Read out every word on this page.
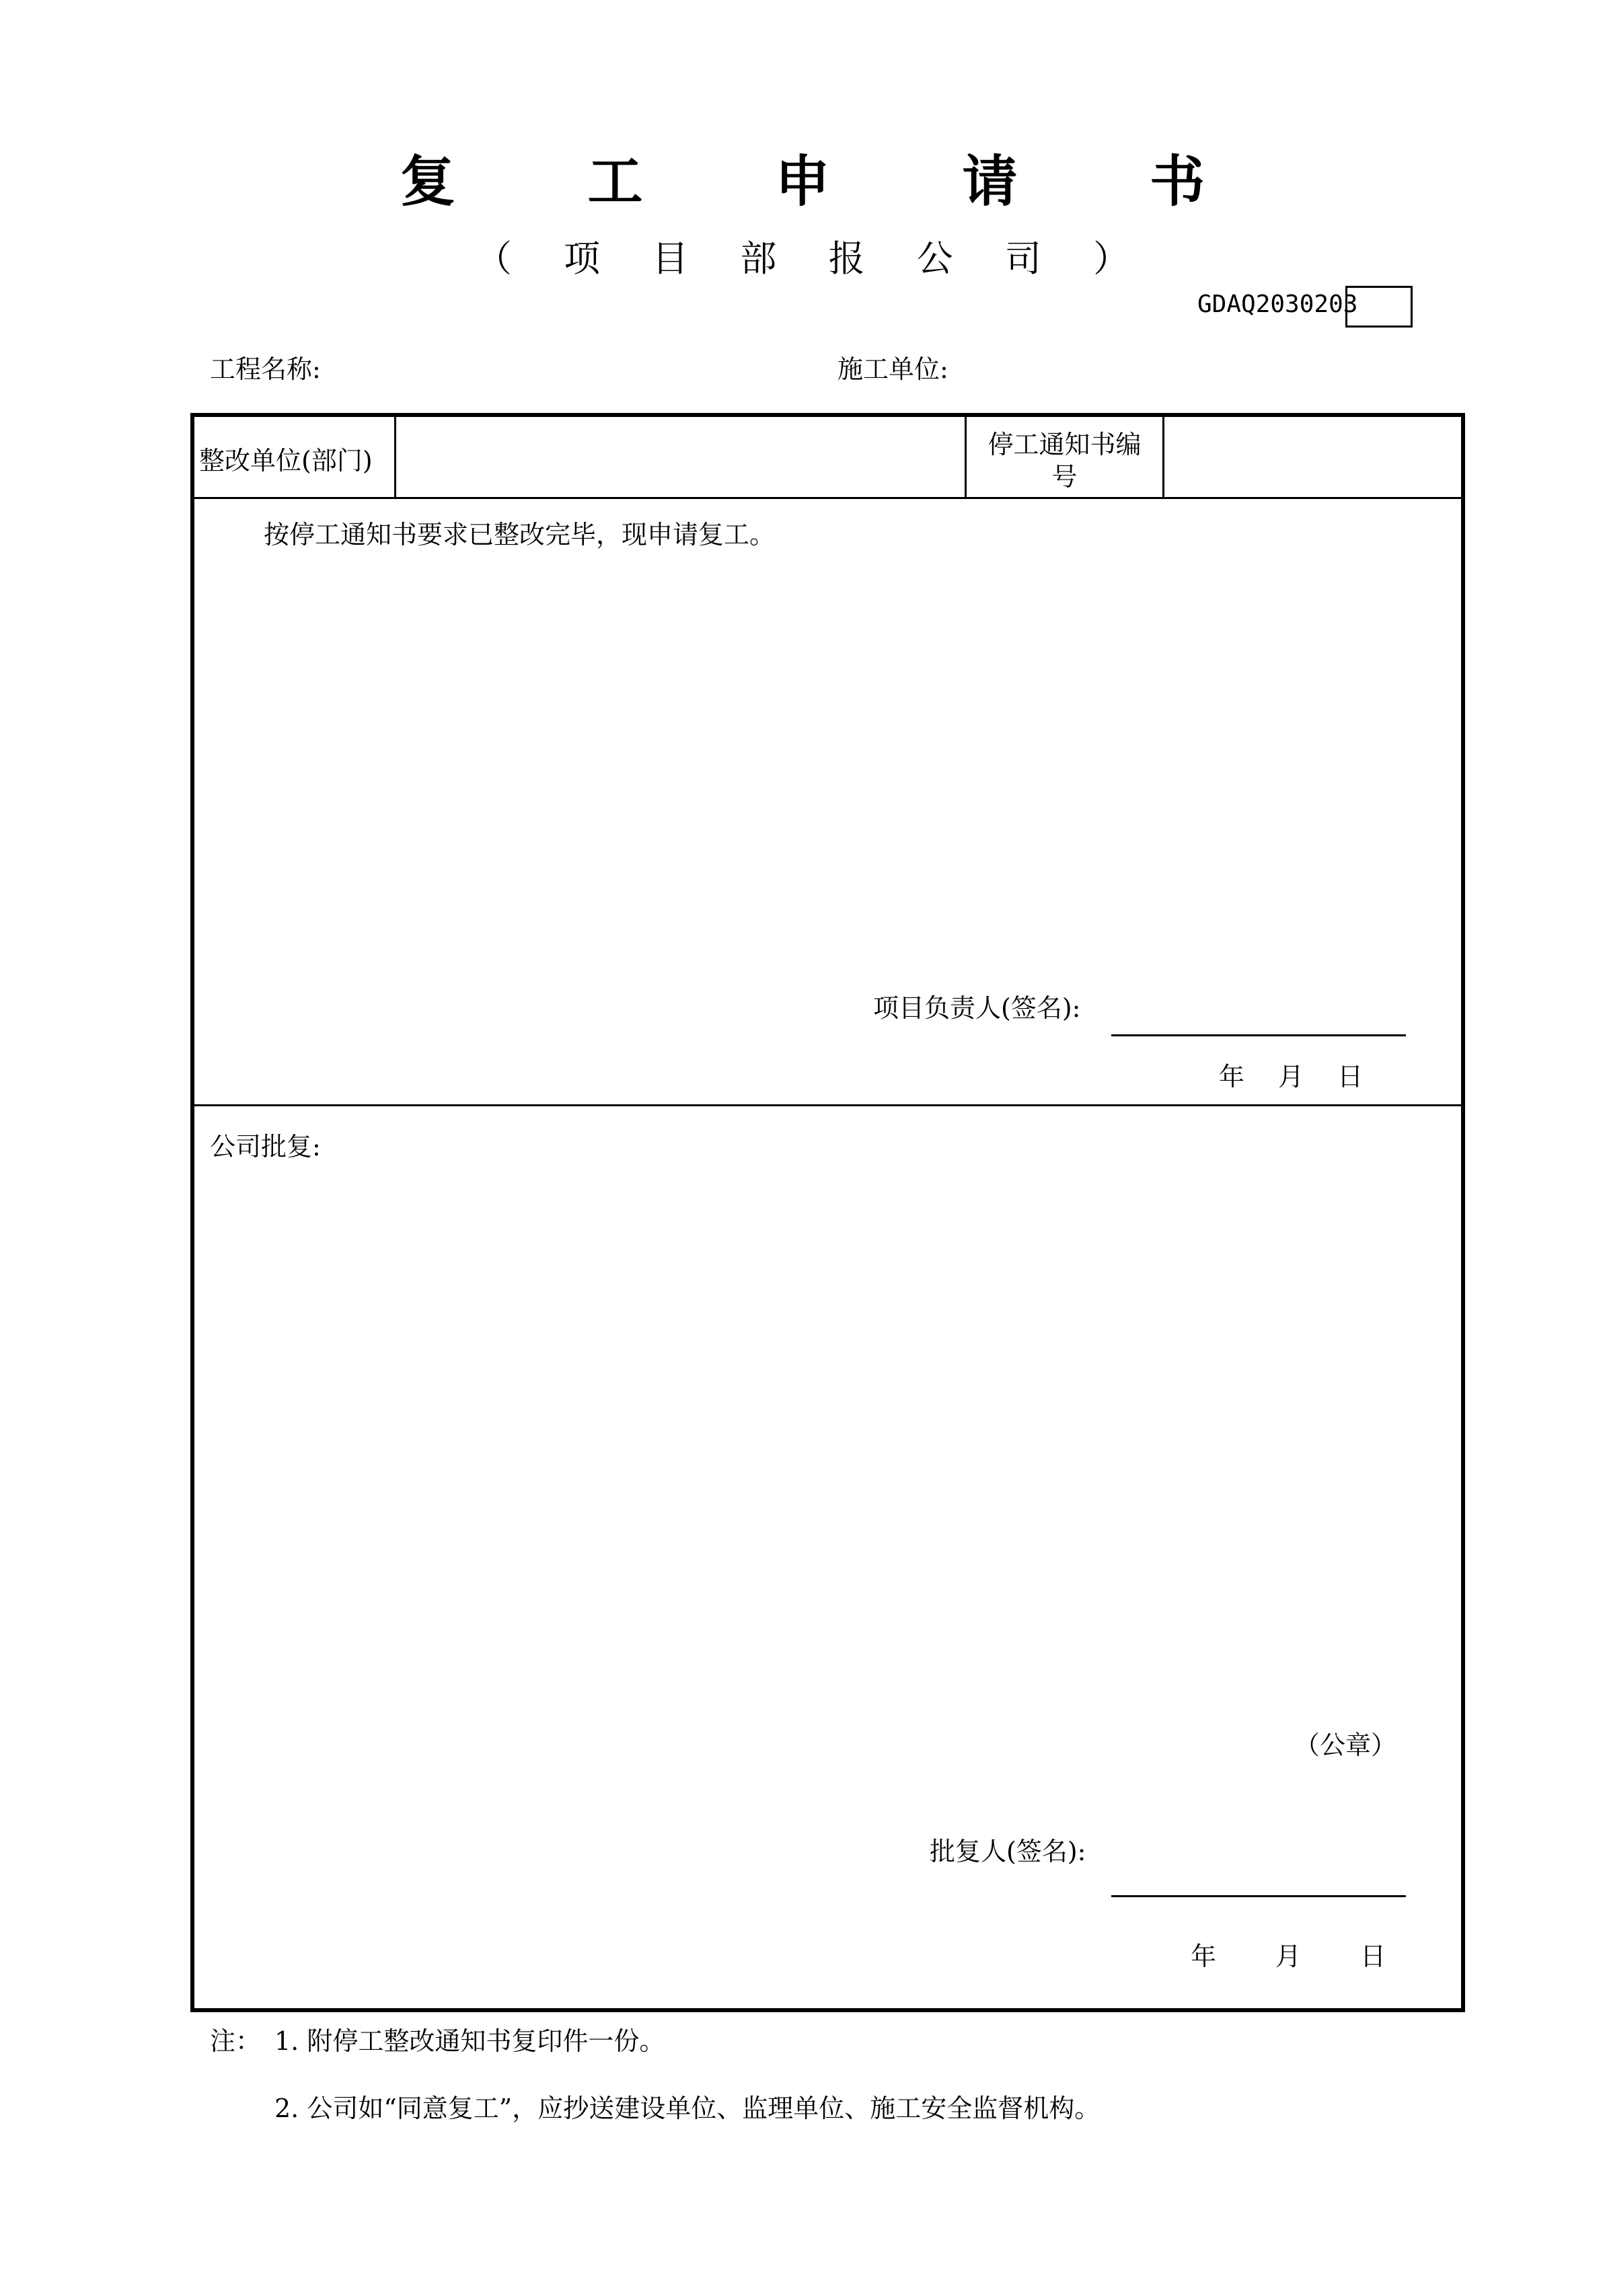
复 工 申 请 书
（ 项 目 部 报 公 司 ）
GDAQ2030203
工程名称:	施工单位:
整改单位(部门)
停工通知书编
号
按停工通知书要求已整改完毕，现申请复工。
项目负责人(签名):
年　 月　 日
公司批复:
（公章）
批复人(签名):
年　　 月　　 日
注： 1. 附停工整改通知书复印件一份。
2. 公司如“同意复工”，应抄送建设单位、监理单位、施工安全监督机构。
